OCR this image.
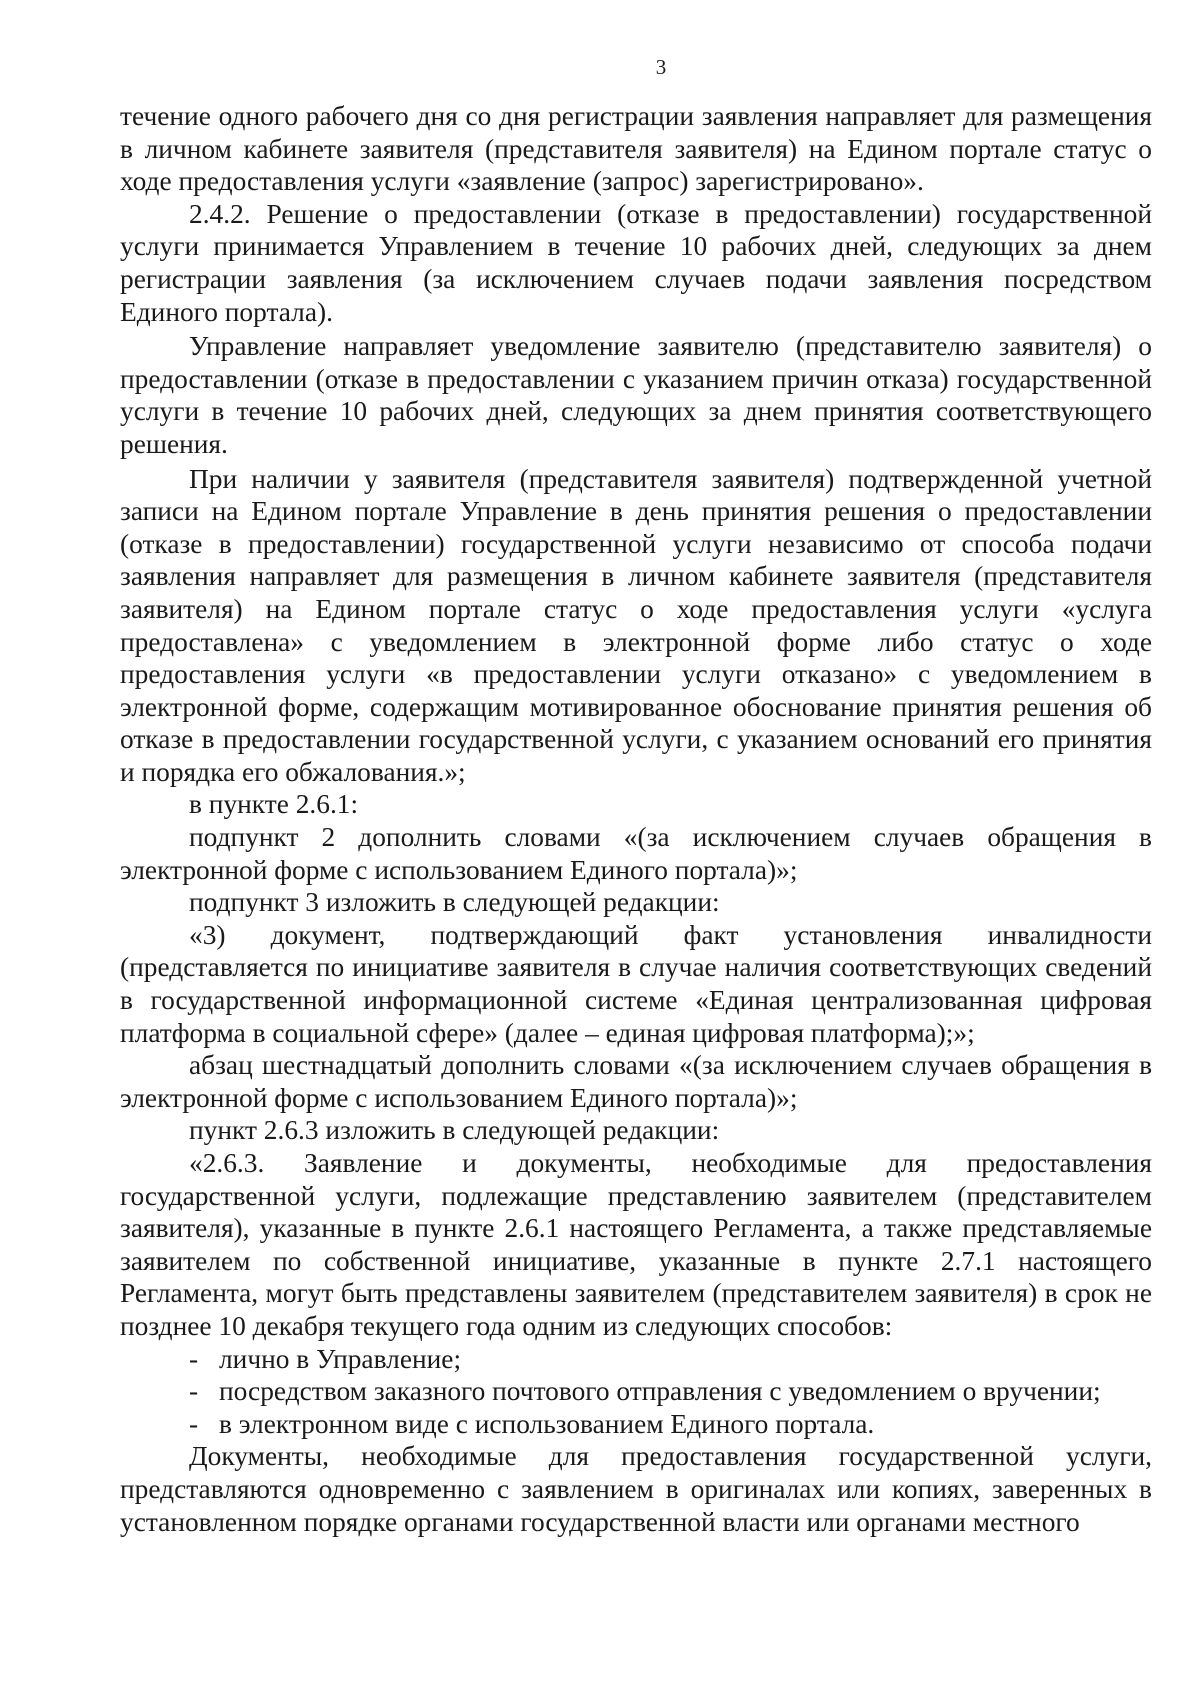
3

течение одного рабочего дня со дня регистрации заявления направляет для размещения в личном кабинете заявителя (представителя заявителя) на Едином портале статус о ходе предоставления услуги «заявление (запрос) зарегистрировано».

2.4.2. Решение о предоставлении (отказе в предоставлении) государственной услуги принимается Управлением в течение 10 рабочих дней, следующих за днем регистрации заявления (за исключением случаев подачи заявления посредством Единого портала).

Управление направляет уведомление заявителю (представителю заявителя) о предоставлении (отказе в предоставлении с указанием причин отказа) государственной услуги в течение 10 рабочих дней, следующих за днем принятия соответствующего решения.

При наличии у заявителя (представителя заявителя) подтвержденной учетной записи на Едином портале Управление в день принятия решения о предоставлении (отказе в предоставлении) государственной услуги независимо от способа подачи заявления направляет для размещения в личном кабинете заявителя (представителя заявителя) на Едином портале статус о ходе предоставления услуги «услуга предоставлена» с уведомлением в электронной форме либо статус о ходе предоставления услуги «в предоставлении услуги отказано» с уведомлением в электронной форме, содержащим мотивированное обоснование принятия решения об отказе в предоставлении государственной услуги, с указанием оснований его принятия и порядка его обжалования.»;

в пункте 2.6.1:

подпункт 2 дополнить словами «(за исключением случаев обращения в электронной форме с использованием Единого портала)»;

подпункт 3 изложить в следующей редакции:

«3) документ, подтверждающий факт установления инвалидности (представляется по инициативе заявителя в случае наличия соответствующих сведений в государственной информационной системе «Единая централизованная цифровая платформа в социальной сфере» (далее – единая цифровая платформа);»;

абзац шестнадцатый дополнить словами «(за исключением случаев обращения в электронной форме с использованием Единого портала)»;

пункт 2.6.3 изложить в следующей редакции:

«2.6.3. Заявление и документы, необходимые для предоставления государственной услуги, подлежащие представлению заявителем (представителем заявителя), указанные в пункте 2.6.1 настоящего Регламента, а также представляемые заявителем по собственной инициативе, указанные в пункте 2.7.1 настоящего Регламента, могут быть представлены заявителем (представителем заявителя) в срок не позднее 10 декабря текущего года одним из следующих способов:

- лично в Управление;

- посредством заказного почтового отправления с уведомлением о вручении;

- в электронном виде с использованием Единого портала.

Документы, необходимые для предоставления государственной услуги, представляются одновременно с заявлением в оригиналах или копиях, заверенных в установленном порядке органами государственной власти или органами местного
